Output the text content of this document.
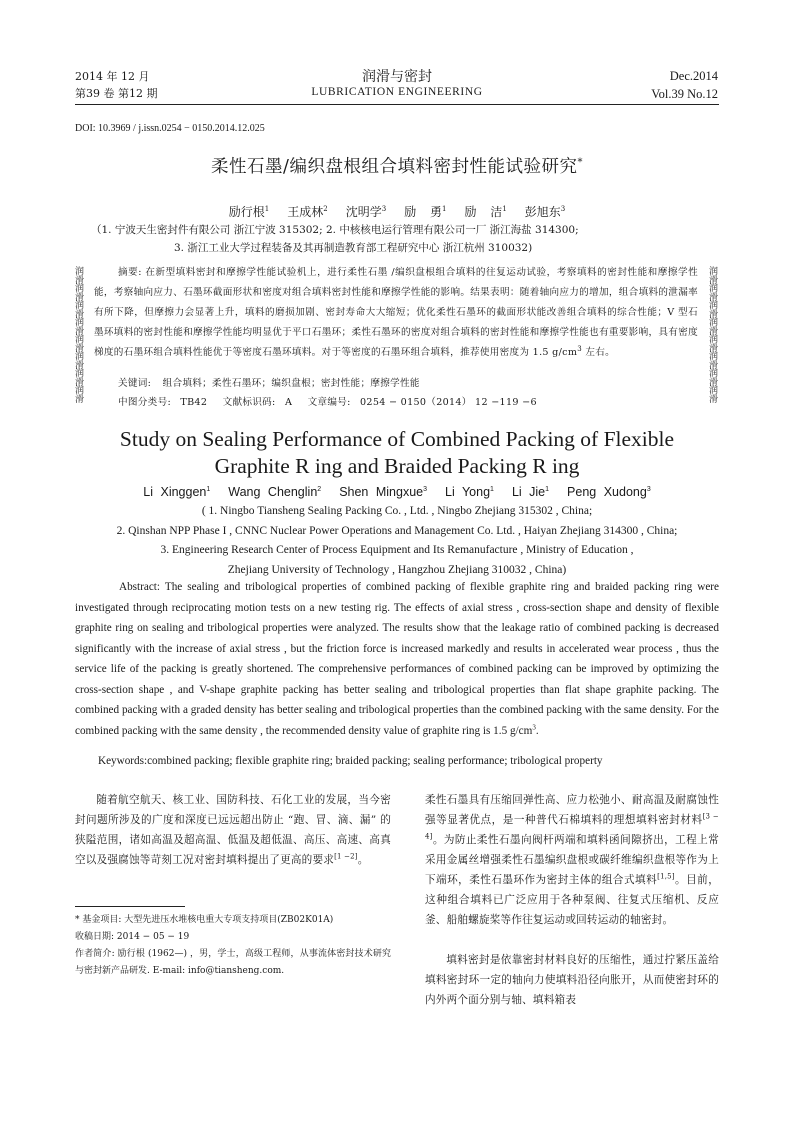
2014 年 12 月
第39 卷 第12 期
润滑与密封
LUBRICATION ENGINEERING
Dec.2014
Vol.39 No.12
DOI: 10.3969 / j.issn.0254 − 0150.2014.12.025
柔性石墨/编织盘根组合填料密封性能试验研究*
励行根$^1$ 王成林$^2$ 沈明学$^3$ 励 勇$^1$ 励 洁$^1$ 彭旭东$^3$
（1. 宁波天生密封件有限公司 浙江宁波 315302; 2. 中核核电运行管理有限公司一厂 浙江海盐 314300;
3. 浙江工业大学过程装备及其再制造教育部工程研究中心 浙江杭州 310032)
润滑润滑润滑润滑润滑润滑润滑润滑
润滑润滑润滑润滑润滑润滑润滑润滑
摘要: 在新型填料密封和摩擦学性能试验机上，进行柔性石墨 /编织盘根组合填料的往复运动试验，考察填料的密封性能和摩擦学性能，考察轴向应力、石墨环截面形状和密度对组合填料密封性能和摩擦学性能的影响。结果表明：随着轴向应力的增加，组合填料的泄漏率有所下降，但摩擦力会显著上升，填料的磨损加剧、密封寿命大大缩短；优化柔性石墨环的截面形状能改善组合填料的综合性能；V 型石墨环填料的密封性能和摩擦学性能均明显优于平口石墨环；柔性石墨环的密度对组合填料的密封性能和摩擦学性能也有重要影响，具有密度梯度的石墨环组合填料性能优于等密度石墨环填料。对于等密度的石墨环组合填料，推荐使用密度为 1.5 $g/cm^3$ 左右。
关键词: 组合填料；柔性石墨环；编织盘根；密封性能；摩擦学性能
中图分类号: TB42 文献标识码: A 文章编号: 0254 − 0150（2014） 12 −119 −6
Study on Sealing Performance of Combined Packing of Flexible
Graphite R ing and Braided Packing R ing
Li Xinggen$^1$ Wang Chenglin$^2$ Shen Mingxue$^3$ Li Yong$^1$ Li Jie$^1$ Peng Xudong$^3$
( 1. Ningbo Tiansheng Sealing Packing Co. , Ltd. , Ningbo Zhejiang 315302 , China;
2. Qinshan NPP Phase I , CNNC Nuclear Power Operations and Management Co. Ltd. , Haiyan Zhejiang 314300 , China;
3. Engineering Research Center of Process Equipment and Its Remanufacture , Ministry of Education ,
Zhejiang University of Technology , Hangzhou Zhejiang 310032 , China)
Abstract: The sealing and tribological properties of combined packing of flexible graphite ring and braided packing ring were investigated through reciprocating motion tests on a new testing rig. The effects of axial stress , cross-section shape and density of flexible graphite ring on sealing and tribological properties were analyzed. The results show that the leakage ratio of combined packing is decreased significantly with the increase of axial stress , but the friction force is increased markedly and results in accelerated wear process , thus the service life of the packing is greatly shortened. The comprehensive performances of combined packing can be improved by optimizing the cross-section shape , and V-shape graphite packing has better sealing and tribological properties than flat shape graphite packing. The combined packing with a graded density has better sealing and tribological properties than the combined packing with the same density. For the combined packing with the same density , the recommended density value of graphite ring is 1.5 $g/cm^3$.
Keywords:combined packing; flexible graphite ring; braided packing; sealing performance; tribological property
随着航空航天、核工业、国防科技、石化工业的发展，当今密封问题所涉及的广度和深度已远远超出防止 “跑、冒、滴、漏” 的狭隘范围，诸如高温及超高温、低温及超低温、高压、高速、高真空以及强腐蚀等苛刻工况对密封填料提出了更高的要求[1 −2]。
* 基金项目: 大型先进压水堆核电重大专项支持项目(ZB02K01A)
收稿日期: 2014 − 05 − 19
作者简介: 励行根 (1962—) ，男，学士，高级工程师，从事流体密封技术研究与密封新产品研发. E-mail: info@tiansheng.com.
柔性石墨具有压缩回弹性高、应力松弛小、耐高温及耐腐蚀性强等显著优点，是一种普代石棉填料的理想填料密封材料[3 − 4]。为防止柔性石墨向阀杆两端和填料函间隙挤出，工程上常采用金属丝增强柔性石墨编织盘根或碳纤维编织盘根等作为上下端环，柔性石墨环作为密封主体的组合式填料[1,5]。目前，这种组合填料已广泛应用于各种泵阀、往复式压缩机、反应釜、船舶螺旋桨等作往复运动或回转运动的轴密封。
填料密封是依靠密封材料良好的压缩性，通过拧紧压盖给填料密封环一定的轴向力使填料沿径向胀开，从而使密封环的内外两个面分别与轴、填料箱表
